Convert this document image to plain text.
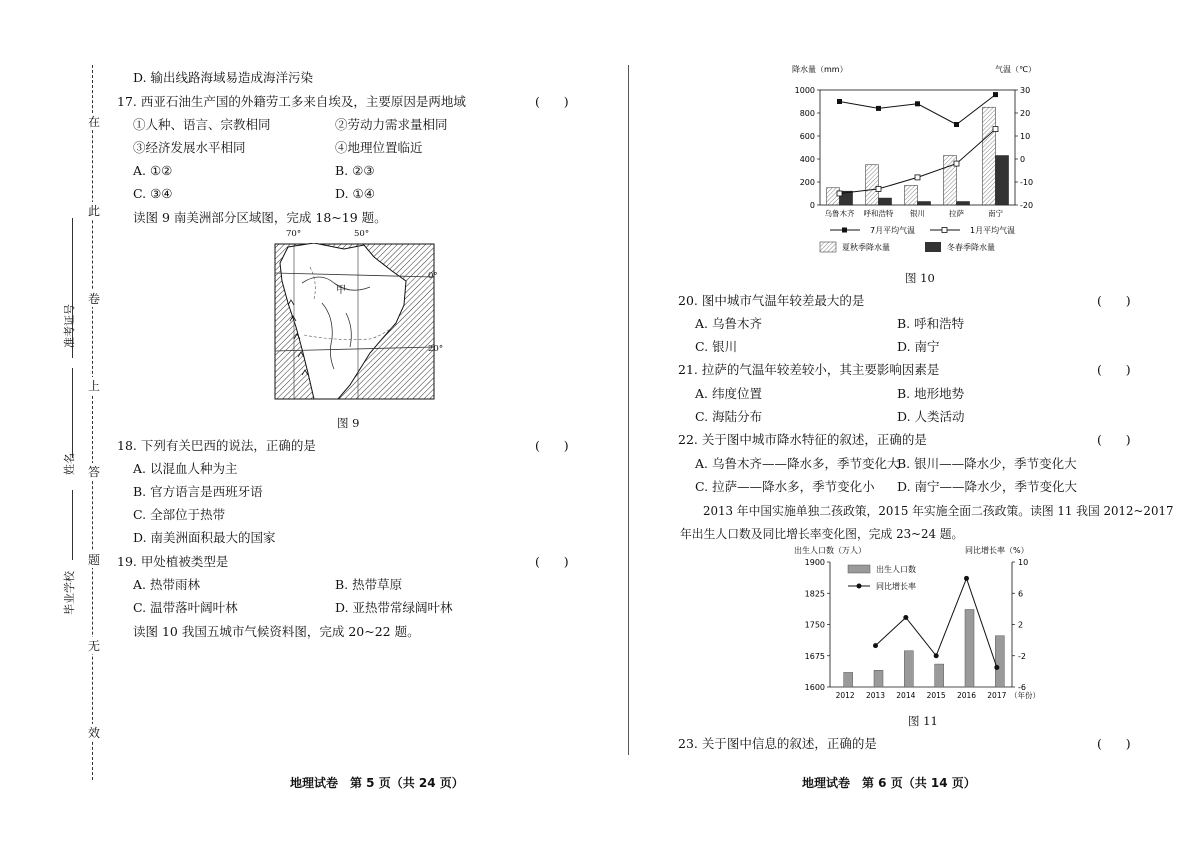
在
此
卷
上
答
题
无
效
准考证号
姓名
毕业学校
D. 输出线路海域易造成海洋污染
17. 西亚石油生产国的外籍劳工多来自埃及，主要原因是两地域	(      )
①人种、语言、宗教相同	②劳动力需求量相同
③经济发展水平相同	④地理位置临近
A. ①②	B. ②③
C. ③④	D. ①④
读图 9 南美洲部分区域图，完成 18~19 题。
70°	50°
甲
0°
20°
图 9
18. 下列有关巴西的说法，正确的是	(      )
A. 以混血人种为主
B. 官方语言是西班牙语
C. 全部位于热带
D. 南美洲面积最大的国家
19. 甲处植被类型是	(      )
A. 热带雨林	B. 热带草原
C. 温带落叶阔叶林	D. 亚热带常绿阔叶林
读图 10 我国五城市气候资料图，完成 20~22 题。
地理试卷　第 5 页（共 24 页）
降水量（mm）	气温（℃）
0
200
400
600
800
1000
-20
-10
0
10
20
30
乌鲁木齐 呼和浩特 银川	拉萨	南宁
7月平均气温	1月平均气温
夏秋季降水量	冬春季降水量
图 10
20. 图中城市气温年较差最大的是	(      )
A. 乌鲁木齐	B. 呼和浩特
C. 银川	D. 南宁
21. 拉萨的气温年较差较小，其主要影响因素是	(      )
A. 纬度位置	B. 地形地势
C. 海陆分布	D. 人类活动
22. 关于图中城市降水特征的叙述，正确的是	(      )
A. 乌鲁木齐——降水多，季节变化大
B. 银川——降水少，季节变化大
C. 拉萨——降水多，季节变化小 D. 南宁——降水少，季节变化大
2013 年中国实施单独二孩政策，2015 年实施全面二孩政策。读图 11 我国 2012~2017
年出生人口数及同比增长率变化图，完成 23~24 题。
出生人口数（万人）	同比增长率（%）
1600
1675
1750
1825
1900
-6
-2
2
6
10
2012 2013 2014 2015 2016 2017 （年份）
出生人口数
同比增长率
图 11
23. 关于图中信息的叙述，正确的是	(      )
地理试卷　第 6 页（共 14 页）
